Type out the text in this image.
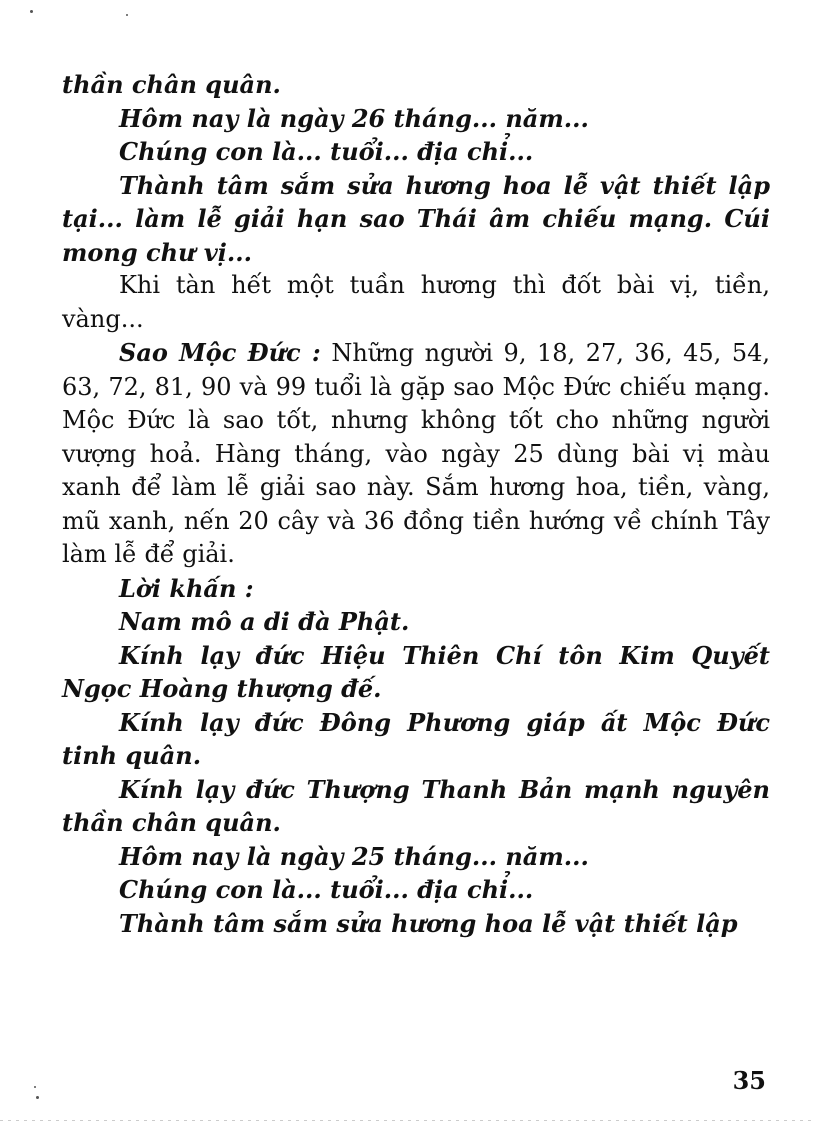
thần chân quân.

Hôm nay là ngày 26 tháng... năm...

Chúng con là... tuổi... địa chỉ...

Thành tâm sắm sửa hương hoa lễ vật thiết lập tại... làm lễ giải hạn sao Thái âm chiếu mạng. Cúi mong chư vị...

Khi tàn hết một tuần hương thì đốt bài vị, tiền, vàng...

Sao Mộc Đức : Những người 9, 18, 27, 36, 45, 54, 63, 72, 81, 90 và 99 tuổi là gặp sao Mộc Đức chiếu mạng. Mộc Đức là sao tốt, nhưng không tốt cho những người vượng hoả. Hàng tháng, vào ngày 25 dùng bài vị màu xanh để làm lễ giải sao này. Sắm hương hoa, tiền, vàng, mũ xanh, nến 20 cây và 36 đồng tiền hướng về chính Tây làm lễ để giải.

Lời khấn :

Nam mô a di đà Phật.

Kính lạy đức Hiệu Thiên Chí tôn Kim Quyết Ngọc Hoàng thượng đế.

Kính lạy đức Đông Phương giáp ất Mộc Đức tinh quân.

Kính lạy đức Thượng Thanh Bản mạnh nguyên thần chân quân.

Hôm nay là ngày 25 tháng... năm...

Chúng con là... tuổi... địa chỉ...

Thành tâm sắm sửa hương hoa lễ vật thiết lập

35
